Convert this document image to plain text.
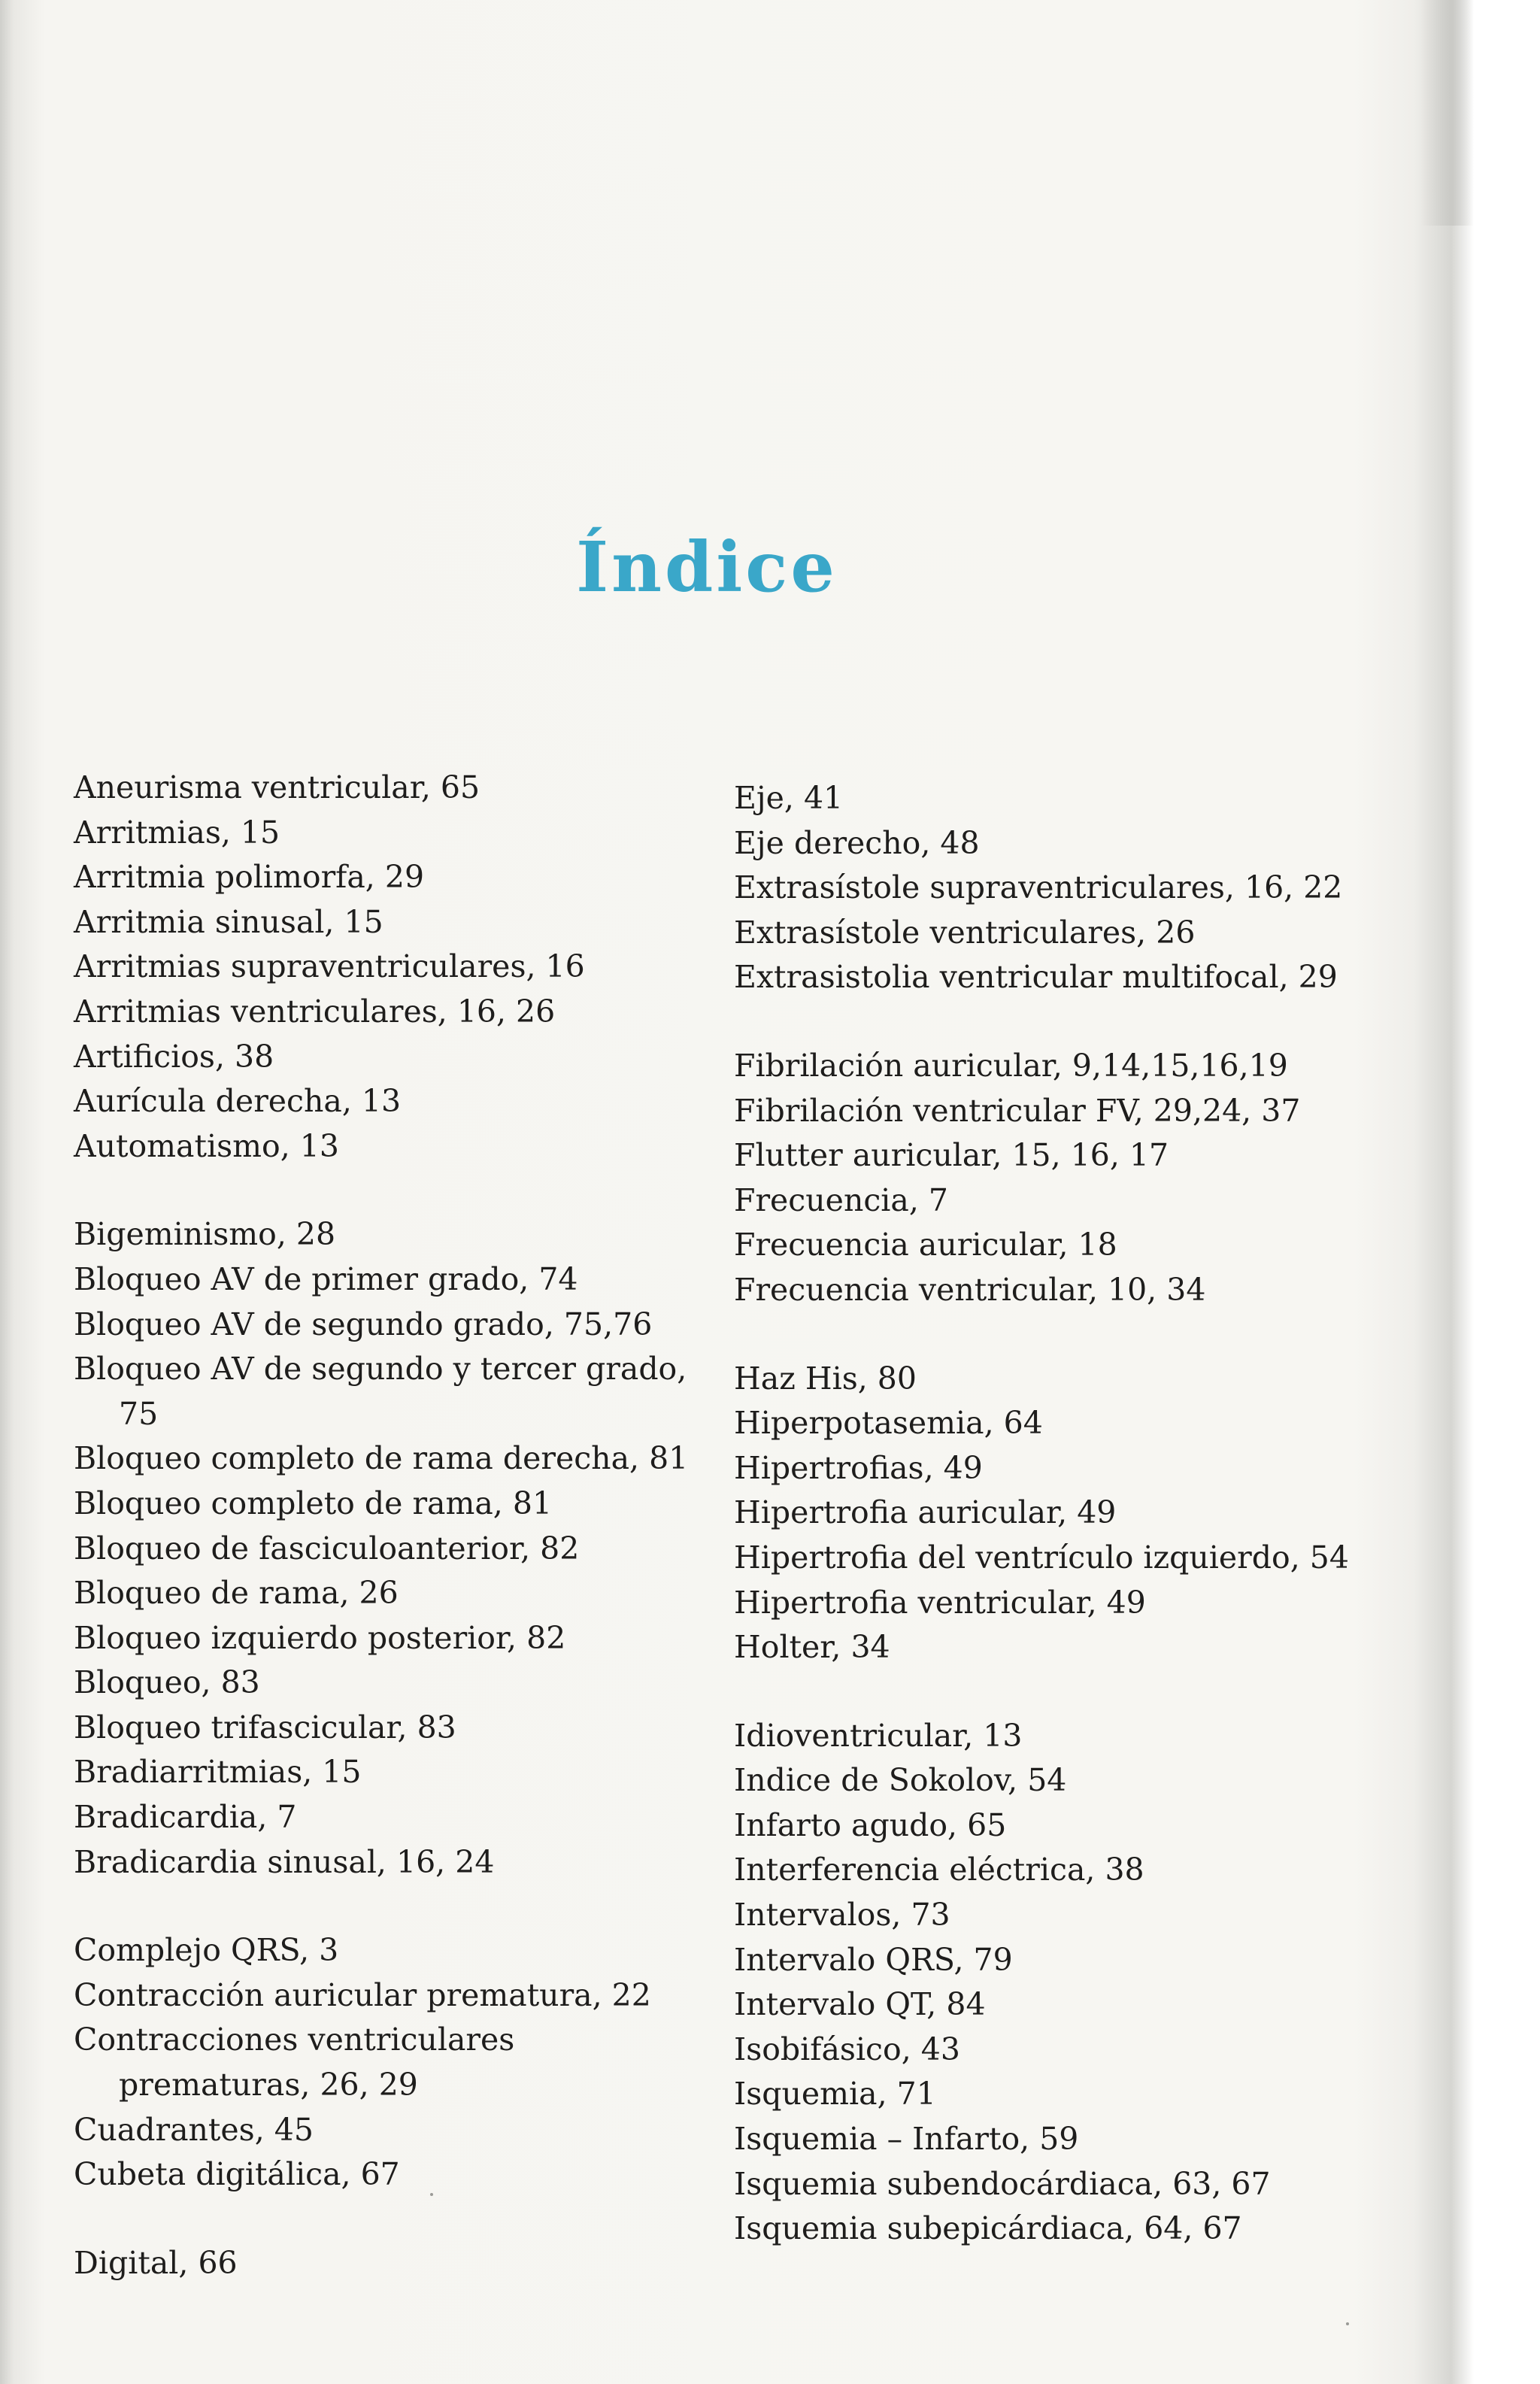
Índice
Aneurisma ventricular, 65
Arritmias, 15
Arritmia polimorfa, 29
Arritmia sinusal, 15
Arritmias supraventriculares, 16
Arritmias ventriculares, 16, 26
Artificios, 38
Aurícula derecha, 13
Automatismo, 13
Bigeminismo, 28
Bloqueo AV de primer grado, 74
Bloqueo AV de segundo grado, 75,76
Bloqueo AV de segundo y tercer grado, 75
Bloqueo completo de rama derecha, 81
Bloqueo completo de rama, 81
Bloqueo de fasciculoanterior, 82
Bloqueo de rama, 26
Bloqueo izquierdo posterior, 82
Bloqueo, 83
Bloqueo trifascicular, 83
Bradiarritmias, 15
Bradicardia, 7
Bradicardia sinusal, 16, 24
Complejo QRS, 3
Contracción auricular prematura, 22
Contracciones ventriculares prematuras, 26, 29
Cuadrantes, 45
Cubeta digitálica, 67
Digital, 66
Eje, 41
Eje derecho, 48
Extrasístole supraventriculares, 16, 22
Extrasístole ventriculares, 26
Extrasistolia ventricular multifocal, 29
Fibrilación auricular, 9,14,15,16,19
Fibrilación ventricular FV, 29,24, 37
Flutter auricular, 15, 16, 17
Frecuencia, 7
Frecuencia auricular, 18
Frecuencia ventricular, 10, 34
Haz His, 80
Hiperpotasemia, 64
Hipertrofias, 49
Hipertrofia auricular, 49
Hipertrofia del ventrículo izquierdo, 54
Hipertrofia ventricular, 49
Holter, 34
Idioventricular, 13
Indice de Sokolov, 54
Infarto agudo, 65
Interferencia eléctrica, 38
Intervalos, 73
Intervalo QRS, 79
Intervalo QT, 84
Isobifásico, 43
Isquemia, 71
Isquemia – Infarto, 59
Isquemia subendocárdiaca, 63, 67
Isquemia subepicárdiaca, 64, 67
